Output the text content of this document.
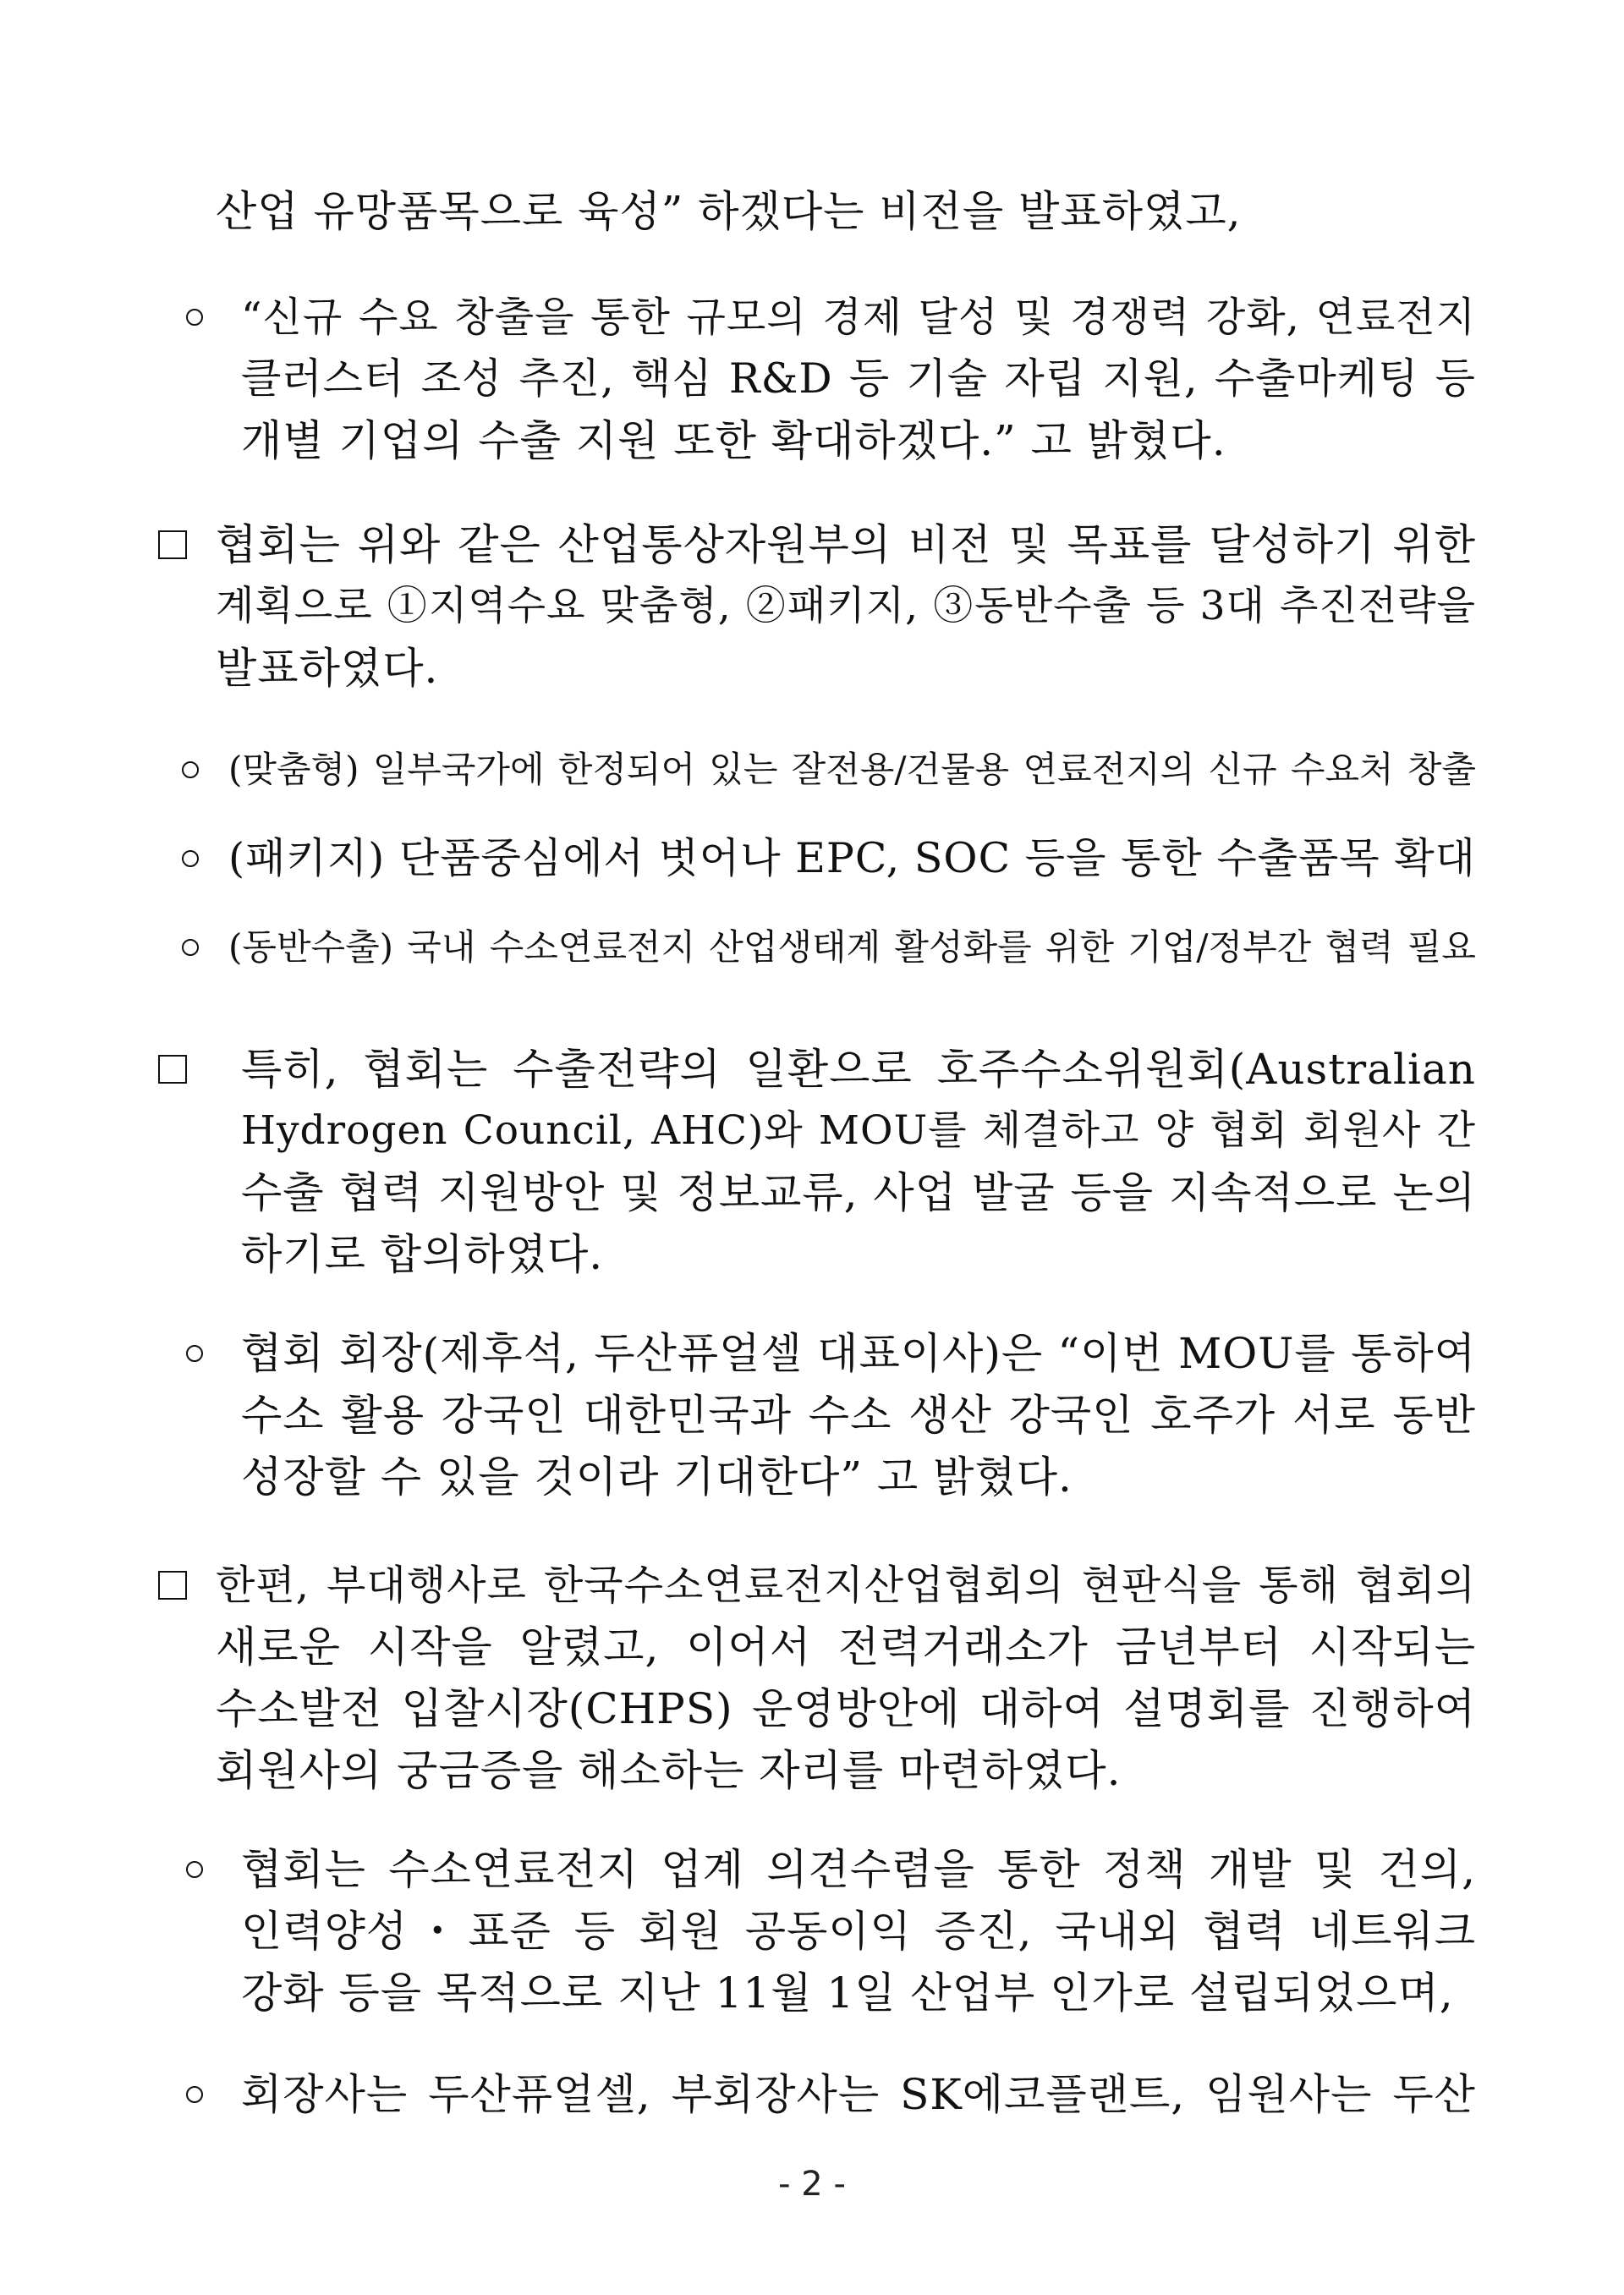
산업 유망품목으로 육성” 하겠다는 비전을 발표하였고,
“신규 수요 창출을 통한 규모의 경제 달성 및 경쟁력 강화, 연료전지
클러스터 조성 추진, 핵심 R&D 등 기술 자립 지원, 수출마케팅 등
개별 기업의 수출 지원 또한 확대하겠다.” 고 밝혔다.
협회는 위와 같은 산업통상자원부의 비전 및 목표를 달성하기 위한
계획으로 ①지역수요 맞춤형, ②패키지, ③동반수출 등 3대 추진전략을
발표하였다.
(맞춤형) 일부국가에 한정되어 있는 잘전용/건물용 연료전지의 신규 수요처 창출
(패키지) 단품중심에서 벗어나 EPC, SOC 등을 통한 수출품목 확대
(동반수출) 국내 수소연료전지 산업생태계 활성화를 위한 기업/정부간 협력 필요
특히, 협회는 수출전략의 일환으로 호주수소위원회(Australian
Hydrogen Council, AHC)와 MOU를 체결하고 양 협회 회원사 간
수출 협력 지원방안 및 정보교류, 사업 발굴 등을 지속적으로 논의
하기로 합의하였다.
협회 회장(제후석, 두산퓨얼셀 대표이사)은 “이번 MOU를 통하여
수소 활용 강국인 대한민국과 수소 생산 강국인 호주가 서로 동반
성장할 수 있을 것이라 기대한다” 고 밝혔다.
한편, 부대행사로 한국수소연료전지산업협회의 현판식을 통해 협회의
새로운 시작을 알렸고, 이어서 전력거래소가 금년부터 시작되는
수소발전 입찰시장(CHPS) 운영방안에 대하여 설명회를 진행하여
회원사의 궁금증을 해소하는 자리를 마련하였다.
협회는 수소연료전지 업계 의견수렴을 통한 정책 개발 및 건의,
인력양성・표준 등 회원 공동이익 증진, 국내외 협력 네트워크
강화 등을 목적으로 지난 11월 1일 산업부 인가로 설립되었으며,
회장사는 두산퓨얼셀, 부회장사는 SK에코플랜트, 임원사는 두산
- 2 -
